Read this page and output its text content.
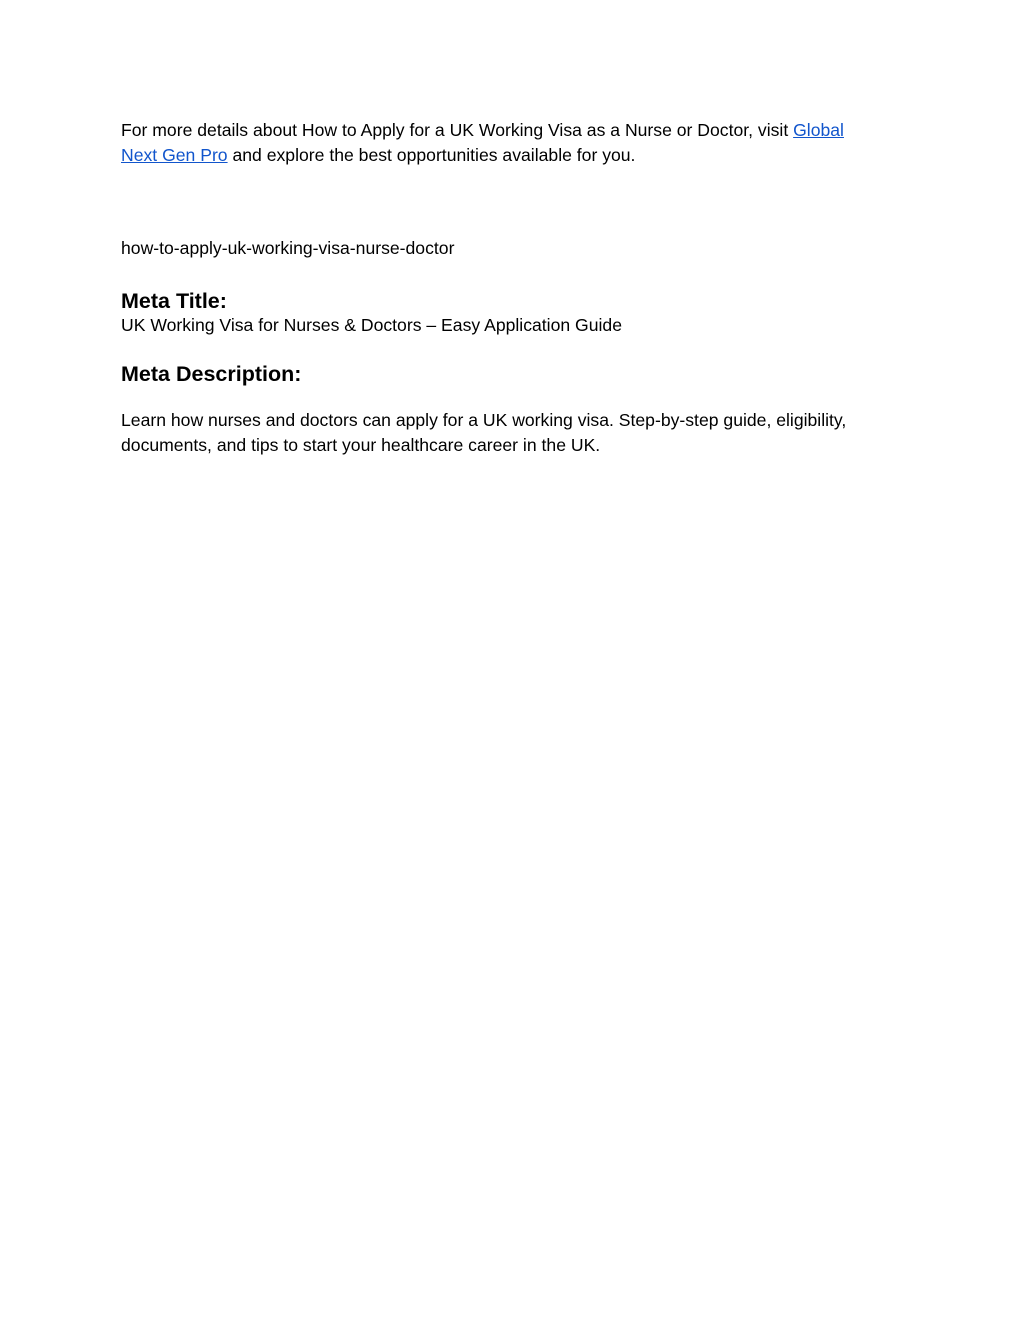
For more details about How to Apply for a UK Working Visa as a Nurse or Doctor, visit Global
Next Gen Pro and explore the best opportunities available for you.

how-to-apply-uk-working-visa-nurse-doctor

Meta Title:

UK Working Visa for Nurses & Doctors – Easy Application Guide

Meta Description:

Learn how nurses and doctors can apply for a UK working visa. Step-by-step guide, eligibility, documents, and tips to start your healthcare career in the UK.
